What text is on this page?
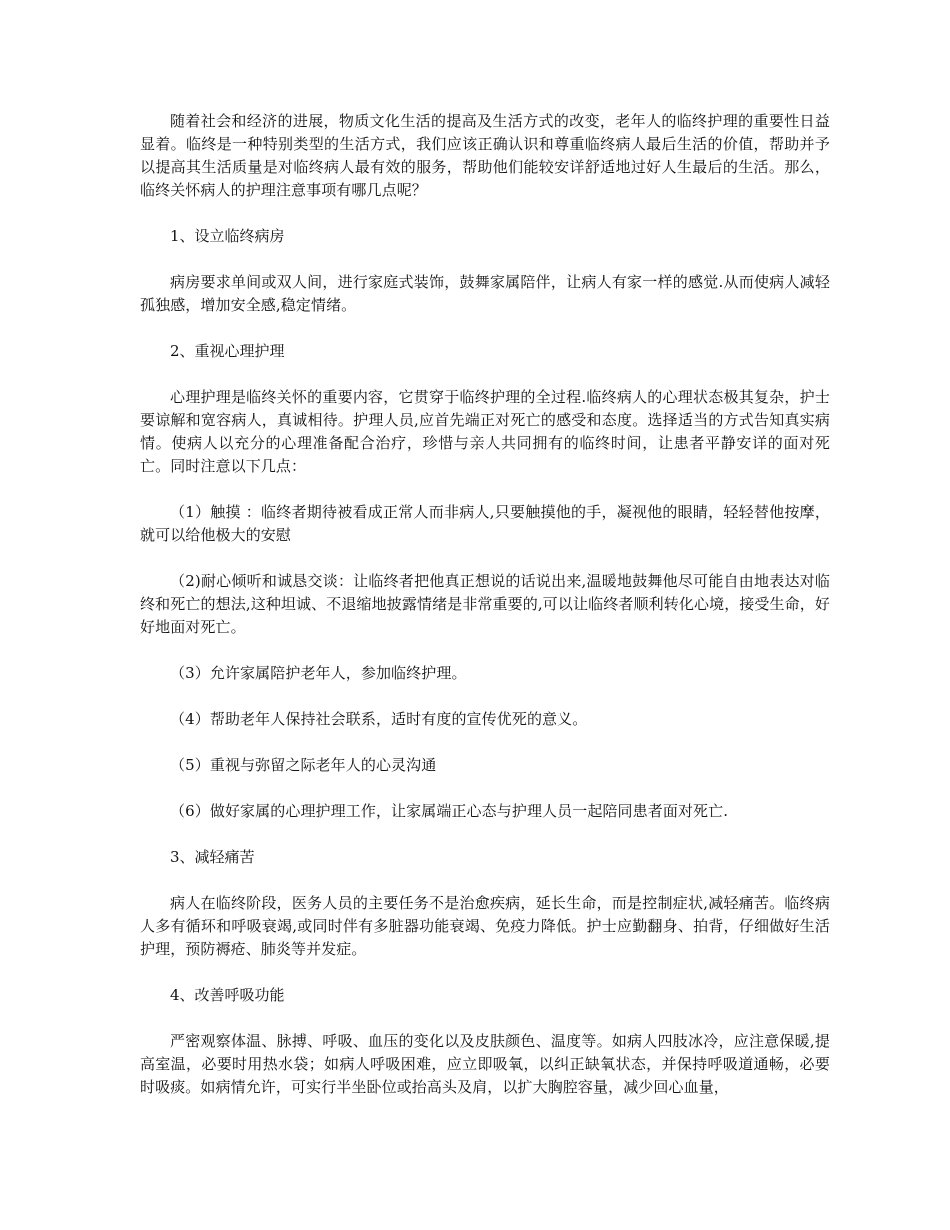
随着社会和经济的进展，物质文化生活的提高及生活方式的改变，老年人的临终护理的重要性日益显着。临终是一种特别类型的生活方式，我们应该正确认识和尊重临终病人最后生活的价值，帮助并予以提高其生活质量是对临终病人最有效的服务，帮助他们能较安详舒适地过好人生最后的生活。那么，临终关怀病人的护理注意事项有哪几点呢？

1、设立临终病房

病房要求单间或双人间，进行家庭式装饰，鼓舞家属陪伴，让病人有家一样的感觉.从而使病人减轻孤独感，增加安全感,稳定情绪。

2、重视心理护理

心理护理是临终关怀的重要内容，它贯穿于临终护理的全过程.临终病人的心理状态极其复杂，护士要谅解和宽容病人，真诚相待。护理人员,应首先端正对死亡的感受和态度。选择适当的方式告知真实病情。使病人以充分的心理准备配合治疗，珍惜与亲人共同拥有的临终时间，让患者平静安详的面对死亡。同时注意以下几点：

（1）触摸 ：临终者期待被看成正常人而非病人,只要触摸他的手，凝视他的眼睛，轻轻替他按摩，就可以给他极大的安慰

（2)耐心倾听和诚恳交谈：让临终者把他真正想说的话说出来,温暖地鼓舞他尽可能自由地表达对临终和死亡的想法,这种坦诚、不退缩地披露情绪是非常重要的,可以让临终者顺利转化心境，接受生命，好好地面对死亡。

（3）允许家属陪护老年人，参加临终护理。

（4）帮助老年人保持社会联系，适时有度的宣传优死的意义。

（5）重视与弥留之际老年人的心灵沟通

（6）做好家属的心理护理工作，让家属端正心态与护理人员一起陪同患者面对死亡.

3、减轻痛苦

病人在临终阶段，医务人员的主要任务不是治愈疾病，延长生命，而是控制症状,减轻痛苦。临终病人多有循环和呼吸衰竭,或同时伴有多脏器功能衰竭、免疫力降低。护士应勤翻身、拍背，仔细做好生活护理，预防褥疮、肺炎等并发症。

4、改善呼吸功能

严密观察体温、脉搏、呼吸、血压的变化以及皮肤颜色、温度等。如病人四肢冰冷，应注意保暖,提高室温，必要时用热水袋；如病人呼吸困难，应立即吸氧，以纠正缺氧状态，并保持呼吸道通畅，必要时吸痰。如病情允许，可实行半坐卧位或抬高头及肩，以扩大胸腔容量，减少回心血量，
